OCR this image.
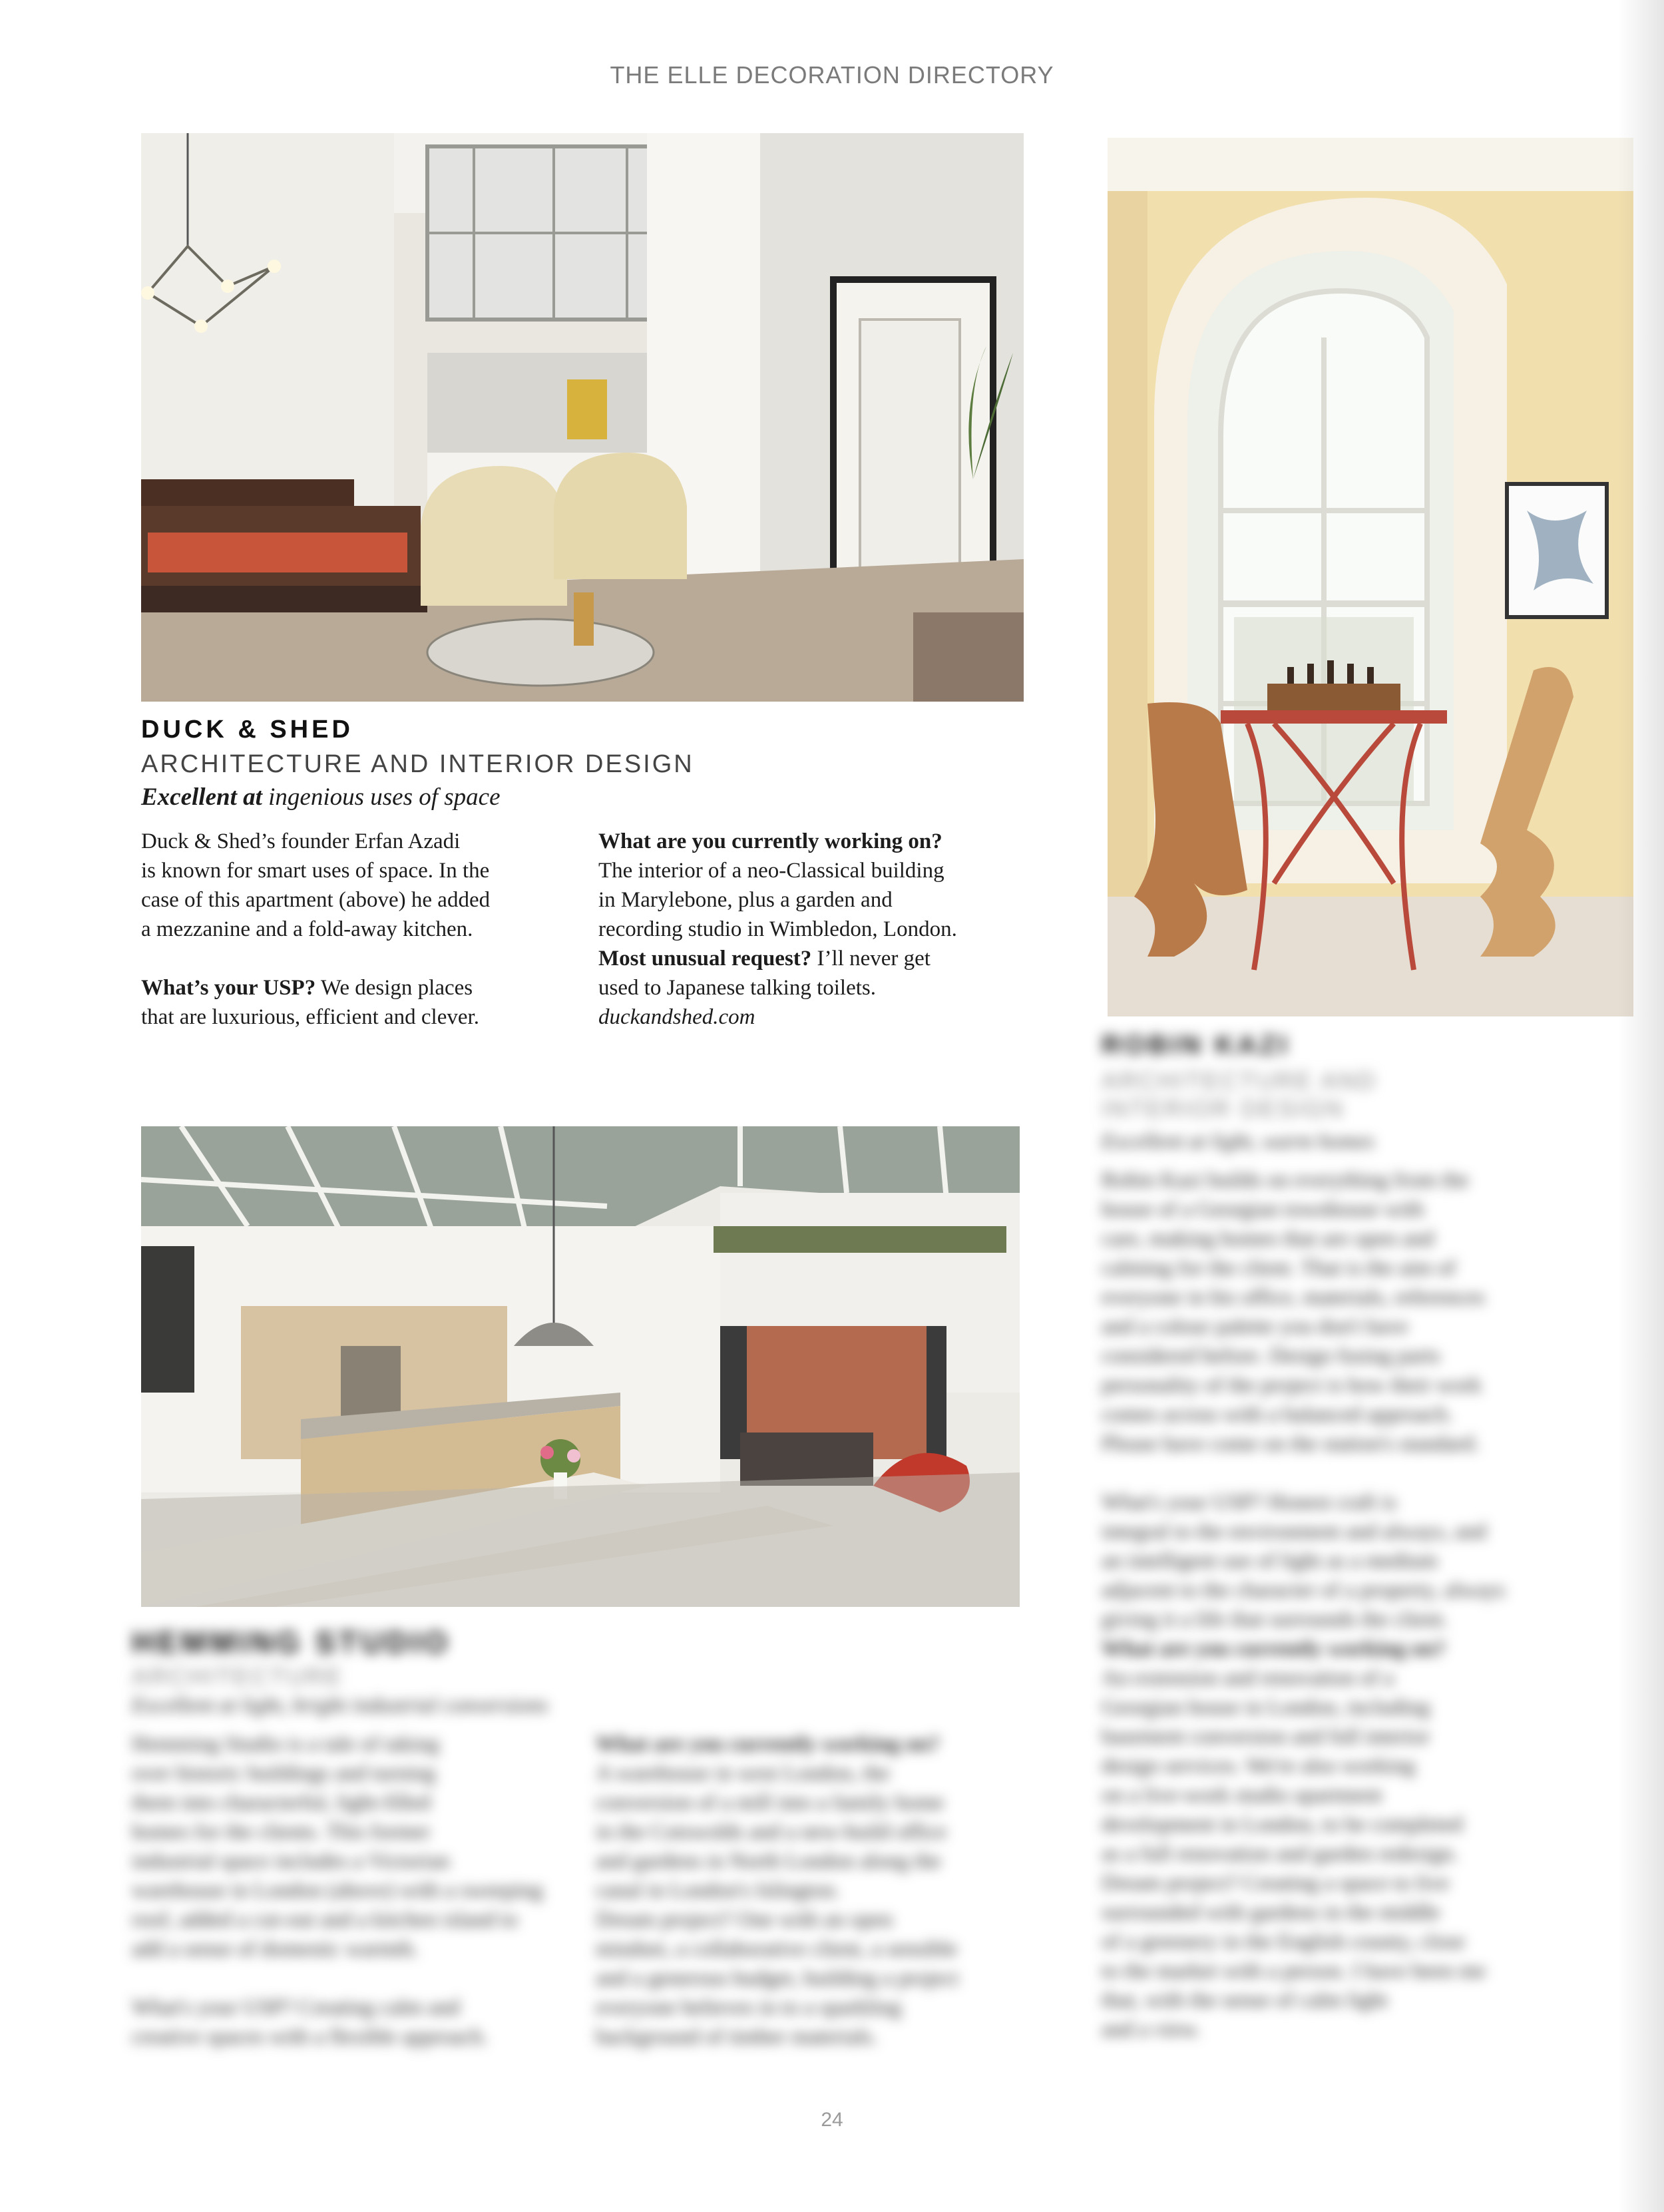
THE ELLE DECORATION DIRECTORY
DUCK & SHED
ARCHITECTURE AND INTERIOR DESIGN
Excellent at ingenious uses of space

Duck & Shed’s founder Erfan Azadi

is known for smart uses of space. In the

case of this apartment (above) he added

a mezzanine and a fold-away kitchen.

What’s your USP? We design places

that are luxurious, efficient and clever.

What are you currently working on?

The interior of a neo-Classical building

in Marylebone, plus a garden and

recording studio in Wimbledon, London.

Most unusual request? I’ll never get

used to Japanese talking toilets.

duckandshed.com

ROBIN KAZI
ARCHITECTURE AND
INTERIOR DESIGN
Excellent at light, warm homes

Robin Kazi builds on everything from the

house of a Georgian townhouse with

care, making homes that are open and

calming for the client. That is the aim of

everyone in his office, materials, references

and a colour palette you don't have

considered before. Design fusing parts

personality of the project is how their work

comes across with a balanced approach.

Please have come on the station's standard.

What's your USP? Honest craft is

integral to the environment and always, and

an intelligent use of light as a medium

adjacent to the character of a property, always

giving it a life that surrounds the client.

What are you currently working on?

An extension and renovation of a

Georgian house in London, including

basement conversion and full interior

design services. We're also working

on a live-work studio apartment

development in London, to be completed

as a full renovation and garden redesign.

Dream project? Creating a space to live

surrounded with gardens in the middle

of a greenery in the English county, close

to the market with a person. I have been me

that, with the sense of calm light

and a view.

HEMMING STUDIO
ARCHITECTURE
Excellent at light, bright industrial conversions

Hemming Studio is a tale of taking

over historic buildings and turning

them into characterful, light-filled

homes for the clients. This former

industrial space includes a Victorian

warehouse in London (above) with a sweeping

roof, added a cut-out and a kitchen island to

add a sense of domestic warmth.

What's your USP? Creating calm and

creative spaces with a flexible approach.

What are you currently working on?

A warehouse in west London, the

conversion of a mill into a family home

in the Cotswolds and a new-build office

and gardens in North London along the

canal in London's Islington.

Dream project? One with an open

mindset, a collaborative client, a sensible

and a generous budget, building a project

everyone believes in to a sparkling

background of timber materials.

24
